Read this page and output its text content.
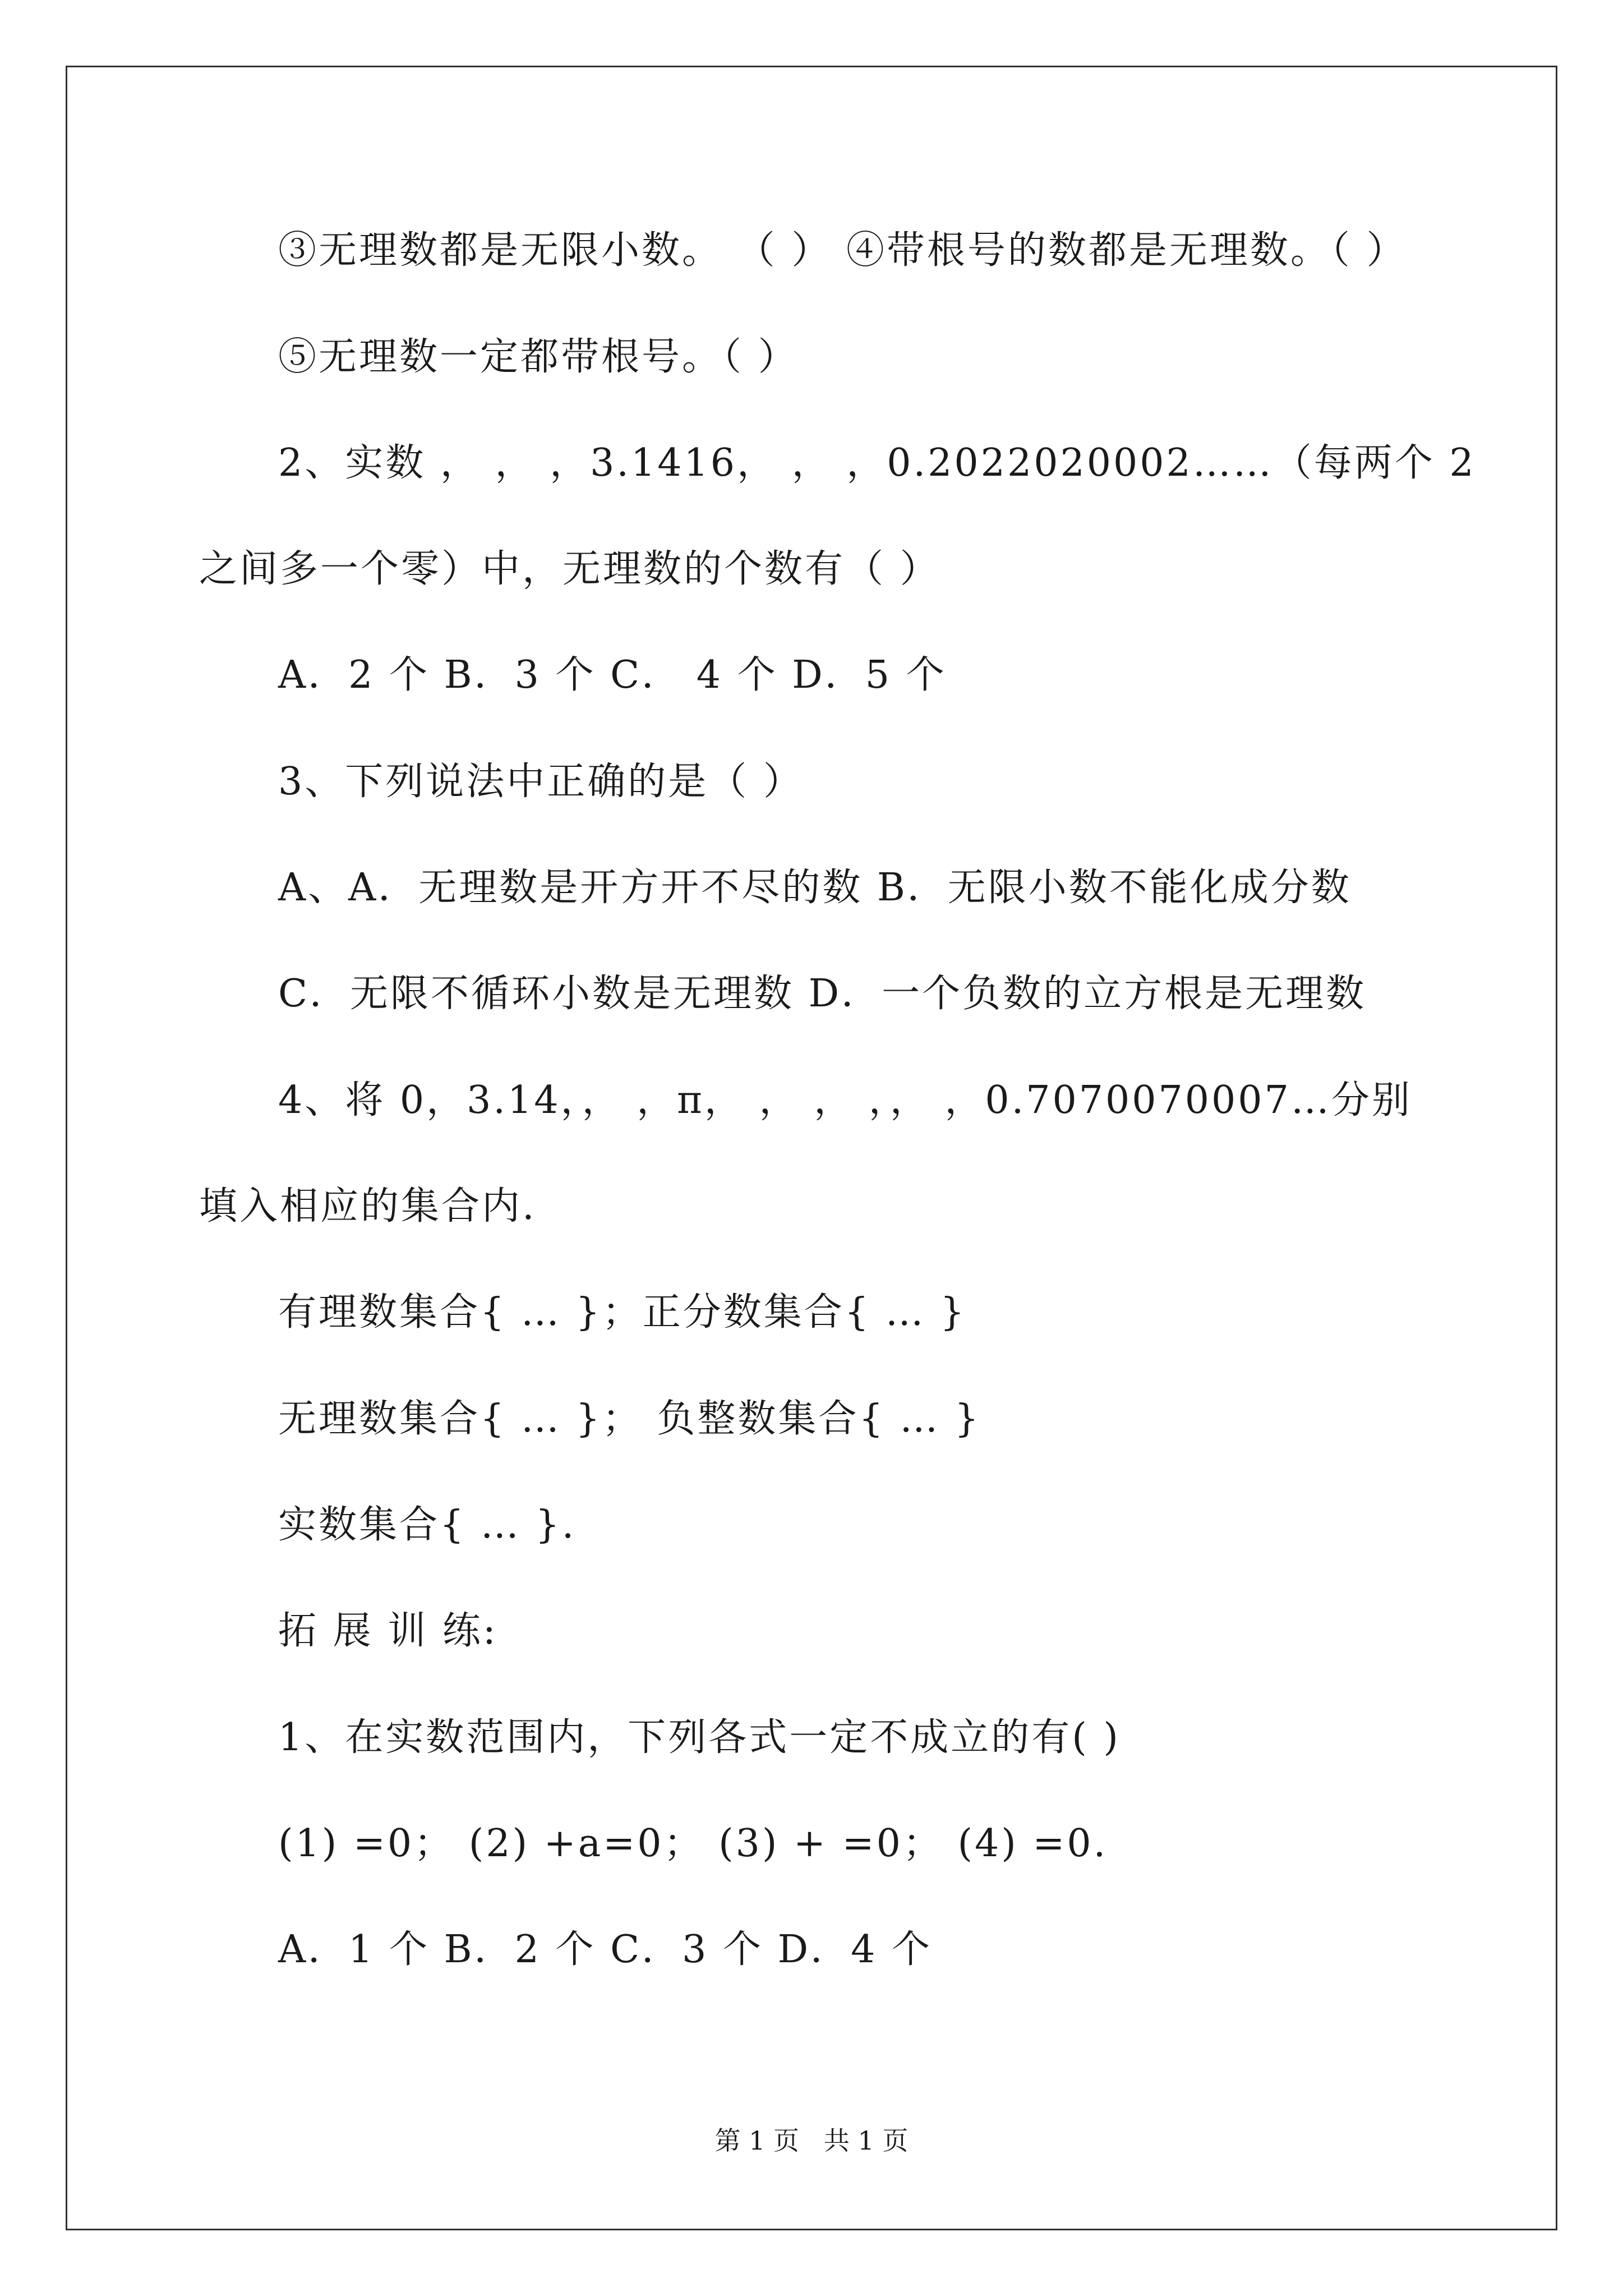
③无理数都是无限小数。 （ ） ④带根号的数都是无理数。（ ）
⑤无理数一定都带根号。（ ）
2、实数 ， ， ，3.1416， ， ，0.2022020002……（每两个 2
之间多一个零）中，无理数的个数有（ ）
A．2 个 B．3 个 C． 4 个 D．5 个
3、下列说法中正确的是（ ）
A、A．无理数是开方开不尽的数 B．无限小数不能化成分数
C．无限不循环小数是无理数 D．一个负数的立方根是无理数
4、将 0，3.14，， ，π， ， ， ，， ，0.7070070007…分别
填入相应的集合内.
有理数集合{ … }；正分数集合{ … }
无理数集合{ … }； 负整数集合{ … }
实数集合{ … }.
拓 展 训 练:
1、在实数范围内，下列各式一定不成立的有( )
(1) =0； (2) +a=0； (3) + =0； (4) =0.
A．1 个 B．2 个 C．3 个 D．4 个
第 1 页   共 1 页
